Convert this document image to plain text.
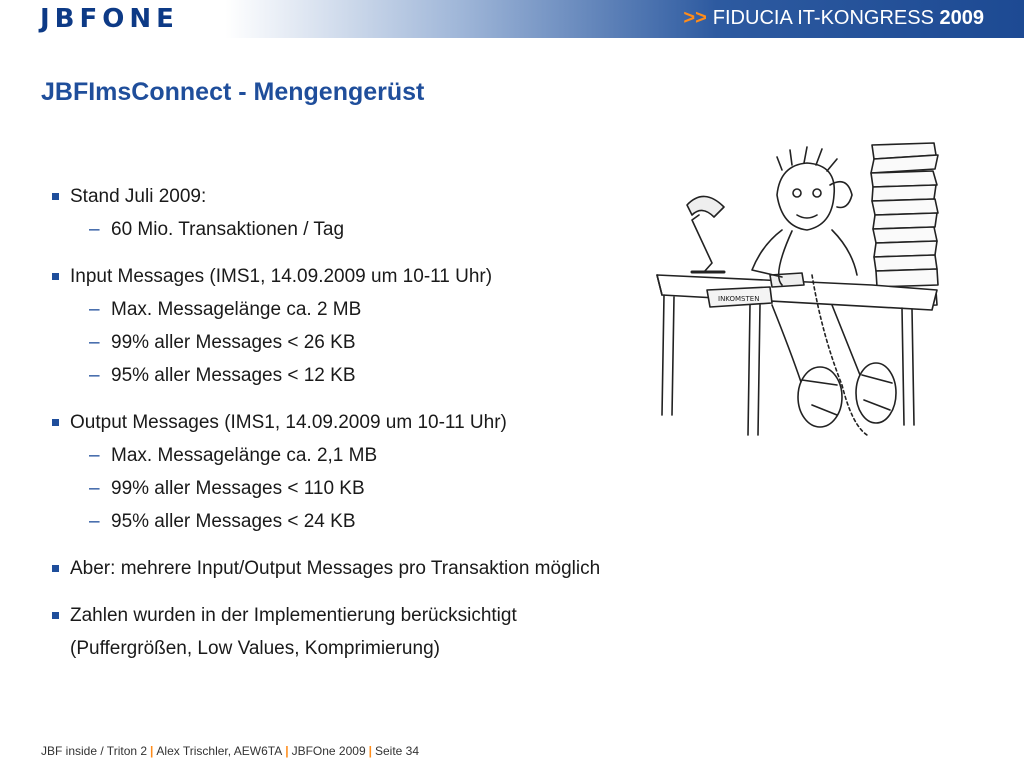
JBFONE	>> FIDUCIA IT-KONGRESS 2009
JBFImsConnect - Mengengerüst
Stand Juli 2009:
– 60 Mio. Transaktionen / Tag
Input Messages (IMS1, 14.09.2009 um 10-11 Uhr)
– Max. Messagelänge ca. 2 MB
– 99% aller Messages < 26 KB
– 95% aller Messages < 12 KB
Output Messages (IMS1, 14.09.2009 um 10-11 Uhr)
– Max. Messagelänge ca. 2,1 MB
– 99% aller Messages < 110 KB
– 95% aller Messages < 24 KB
Aber: mehrere Input/Output Messages pro Transaktion möglich
Zahlen wurden in der Implementierung berücksichtigt
(Puffergrößen, Low Values, Komprimierung)
INKOMSTEN
JBF inside / Triton 2 | Alex Trischler, AEW6TA | JBFOne 2009 | Seite 34
